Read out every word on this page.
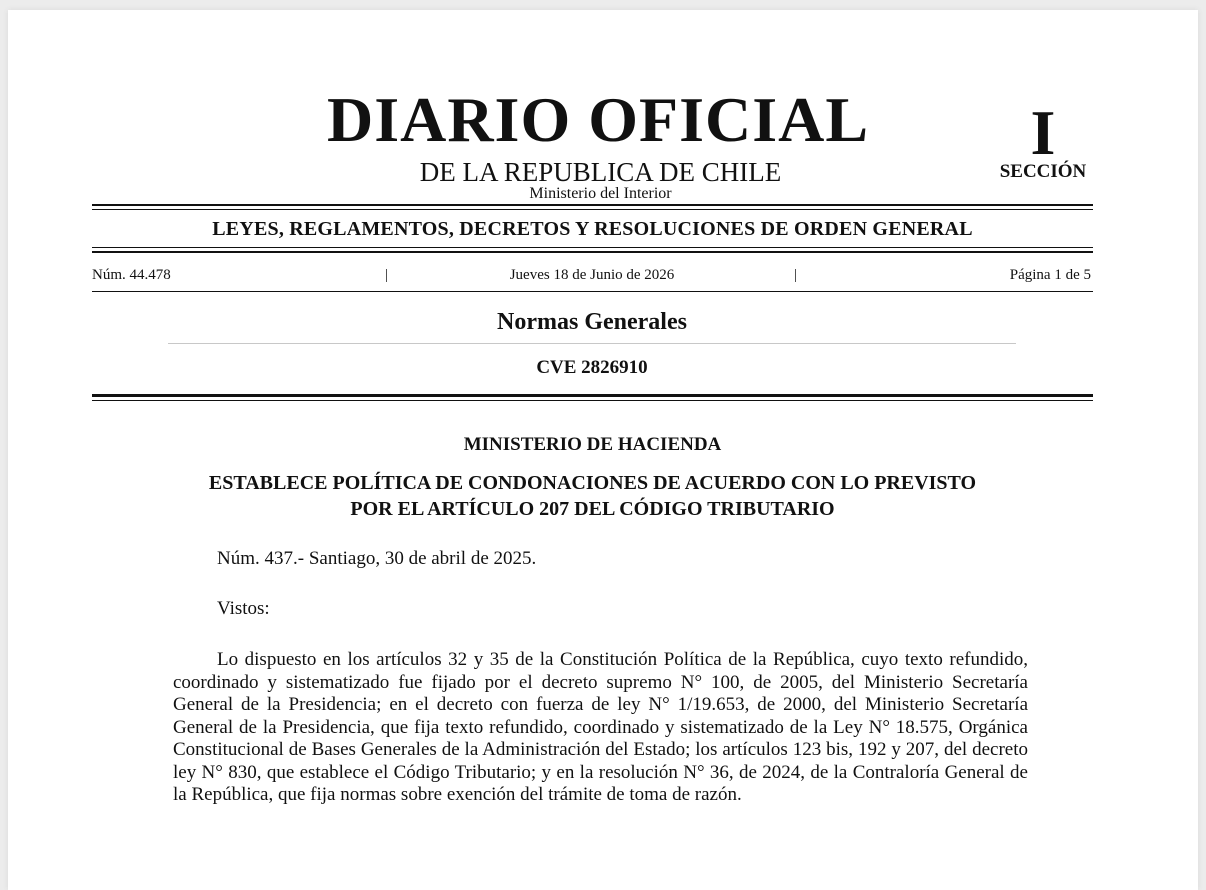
DIARIO OFICIAL
DE LA REPUBLICA DE CHILE
Ministerio del Interior
I
SECCIÓN
LEYES, REGLAMENTOS, DECRETOS Y RESOLUCIONES DE ORDEN GENERAL
Núm. 44.478	|	Jueves 18 de Junio de 2026	|	Página 1 de 5
Normas Generales
CVE 2826910
MINISTERIO DE HACIENDA
ESTABLECE POLÍTICA DE CONDONACIONES DE ACUERDO CON LO PREVISTO
POR EL ARTÍCULO 207 DEL CÓDIGO TRIBUTARIO
Núm. 437.- Santiago, 30 de abril de 2025.
Vistos:
Lo dispuesto en los artículos 32 y 35 de la Constitución Política de la República, cuyo texto refundido, coordinado y sistematizado fue fijado por el decreto supremo N° 100, de 2005, del Ministerio Secretaría General de la Presidencia; en el decreto con fuerza de ley N° 1/19.653, de 2000, del Ministerio Secretaría General de la Presidencia, que fija texto refundido, coordinado y sistematizado de la Ley N° 18.575, Orgánica Constitucional de Bases Generales de la Administración del Estado; los artículos 123 bis, 192 y 207, del decreto ley N° 830, que establece el Código Tributario; y en la resolución N° 36, de 2024, de la Contraloría General de la República, que fija normas sobre exención del trámite de toma de razón.
